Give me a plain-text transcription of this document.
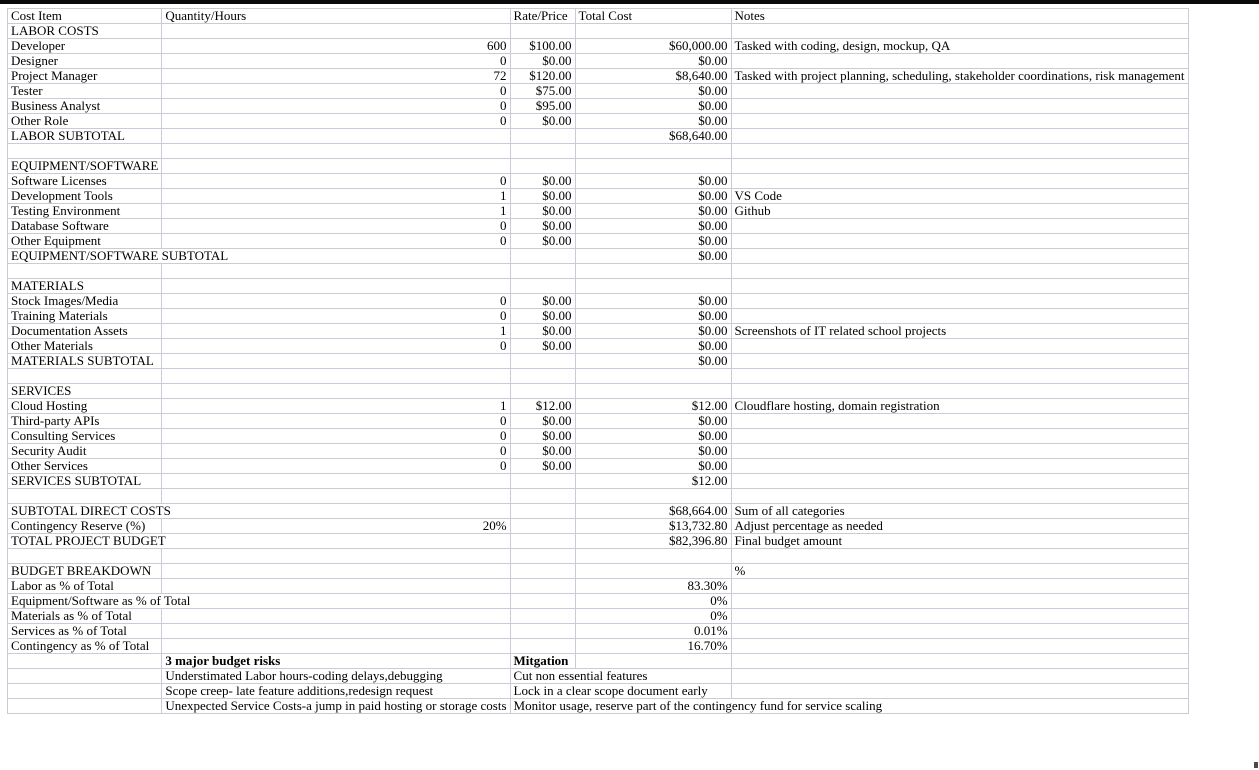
Cost Item	Quantity/Hours	Rate/Price	Total Cost	Notes
LABOR COSTS				
Developer	600	$100.00	$60,000.00	Tasked with coding, design, mockup, QA
Designer	0	$0.00	$0.00	
Project Manager	72	$120.00	$8,640.00	Tasked with project planning, scheduling, stakeholder coordinations, risk management
Tester	0	$75.00	$0.00	
Business Analyst	0	$95.00	$0.00	
Other Role	0	$0.00	$0.00	
LABOR SUBTOTAL			$68,640.00	

EQUIPMENT/SOFTWARE				
Software Licenses	0	$0.00	$0.00	
Development Tools	1	$0.00	$0.00	VS Code
Testing Environment	1	$0.00	$0.00	Github
Database Software	0	$0.00	$0.00	
Other Equipment	0	$0.00	$0.00	
EQUIPMENT/SOFTWARE SUBTOTAL			$0.00	

MATERIALS				
Stock Images/Media	0	$0.00	$0.00	
Training Materials	0	$0.00	$0.00	
Documentation Assets	1	$0.00	$0.00	Screenshots of IT related school projects
Other Materials	0	$0.00	$0.00	
MATERIALS SUBTOTAL			$0.00	

SERVICES				
Cloud Hosting	1	$12.00	$12.00	Cloudflare hosting, domain registration
Third-party APIs	0	$0.00	$0.00	
Consulting Services	0	$0.00	$0.00	
Security Audit	0	$0.00	$0.00	
Other Services	0	$0.00	$0.00	
SERVICES SUBTOTAL			$12.00	

SUBTOTAL DIRECT COSTS			$68,664.00	Sum of all categories
Contingency Reserve (%)	20%		$13,732.80	Adjust percentage as needed
TOTAL PROJECT BUDGET			$82,396.80	Final budget amount

BUDGET BREAKDOWN				%
Labor as % of Total			83.30%	
Equipment/Software as % of Total			0%	
Materials as % of Total			0%	
Services as % of Total			0.01%	
Contingency as % of Total			16.70%	
	3 major budget risks	Mitgation		
	Understimated Labor hours-coding delays,debugging	Cut non essential features		
	Scope creep- late feature additions,redesign request	Lock in a clear scope document early		
	Unexpected Service Costs-a jump in paid hosting or storage costs	Monitor usage, reserve part of the contingency fund for service scaling		
